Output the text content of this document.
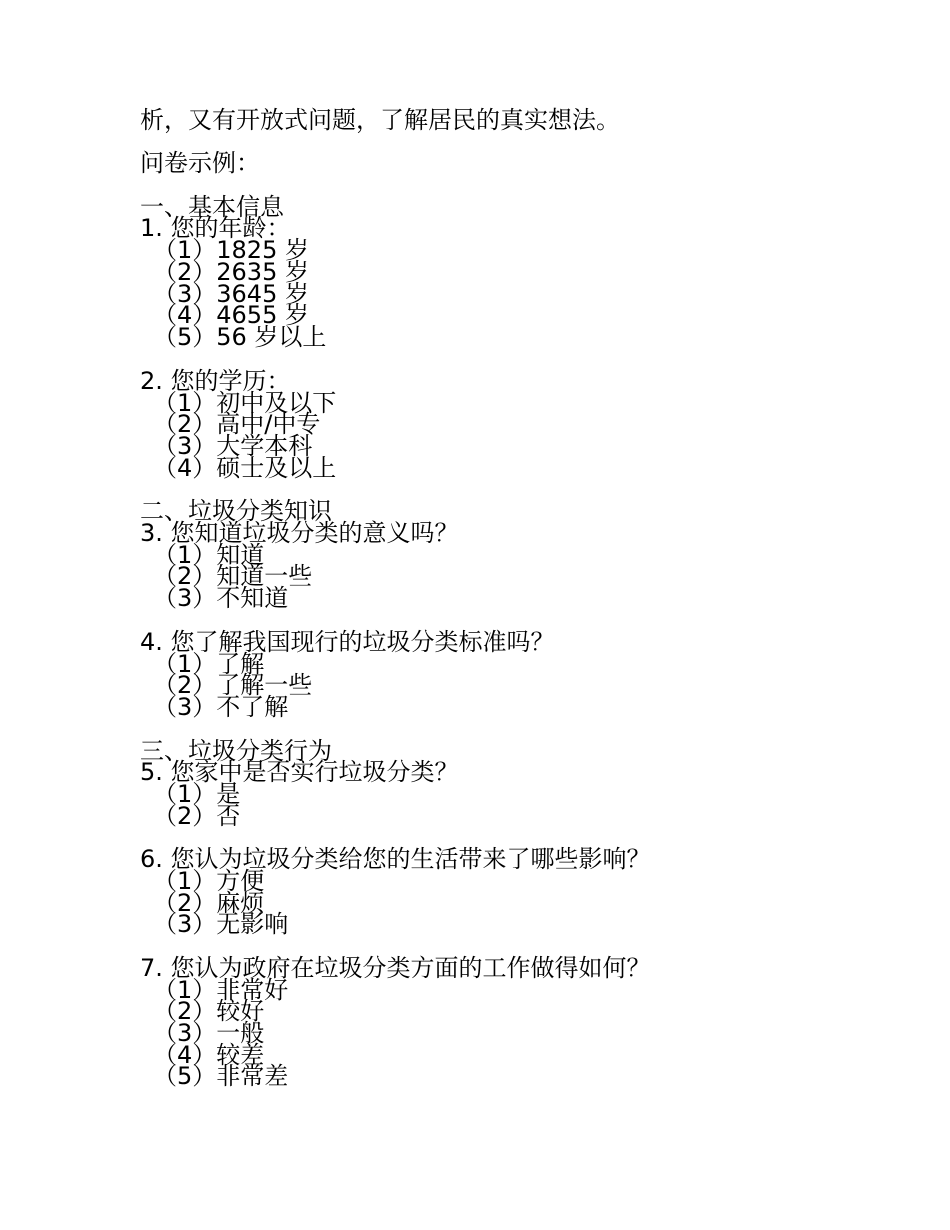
析，又有开放式问题，了解居民的真实想法。
问卷示例：
一、基本信息
1. 您的年龄：
（1）1825 岁
（2）2635 岁
（3）3645 岁
（4）4655 岁
（5）56 岁以上
2. 您的学历：
（1）初中及以下
（2）高中/中专
（3）大学本科
（4）硕士及以上
二、垃圾分类知识
3. 您知道垃圾分类的意义吗？
（1）知道
（2）知道一些
（3）不知道
4. 您了解我国现行的垃圾分类标准吗？
（1）了解
（2）了解一些
（3）不了解
三、垃圾分类行为
5. 您家中是否实行垃圾分类？
（1）是
（2）否
6. 您认为垃圾分类给您的生活带来了哪些影响？
（1）方便
（2）麻烦
（3）无影响
7. 您认为政府在垃圾分类方面的工作做得如何？
（1）非常好
（2）较好
（3）一般
（4）较差
（5）非常差
